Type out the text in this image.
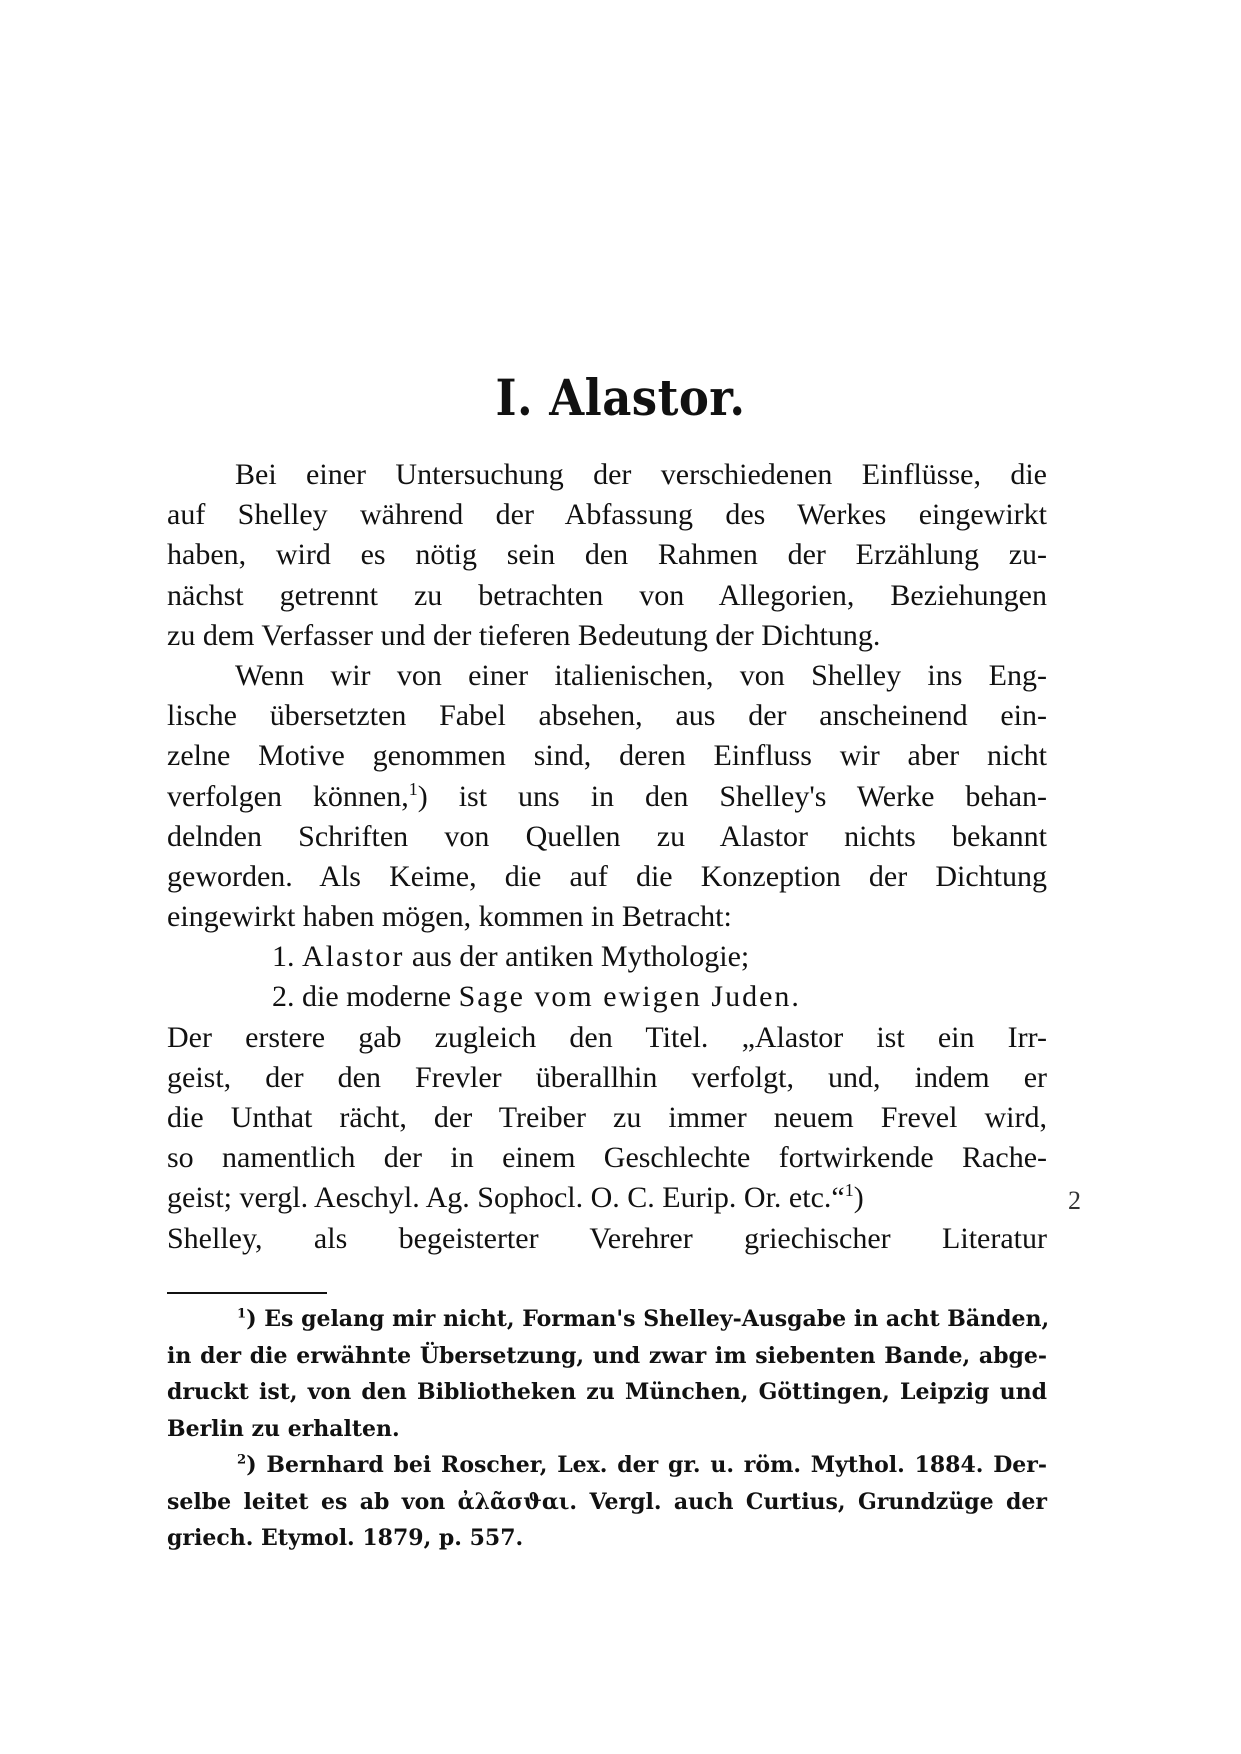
I. Alastor.
Bei einer Untersuchung der verschiedenen Einflüsse, die
auf Shelley während der Abfassung des Werkes eingewirkt
haben, wird es nötig sein den Rahmen der Erzählung zu-
nächst getrennt zu betrachten von Allegorien, Beziehungen
zu dem Verfasser und der tieferen Bedeutung der Dichtung.
Wenn wir von einer italienischen, von Shelley ins Eng-
lische übersetzten Fabel absehen, aus der anscheinend ein-
zelne Motive genommen sind, deren Einfluss wir aber nicht
verfolgen können,$^1$) ist uns in den Shelley's Werke behan-
delnden Schriften von Quellen zu Alastor nichts bekannt
geworden. Als Keime, die auf die Konzeption der Dichtung
eingewirkt haben mögen, kommen in Betracht:
1. Alastor aus der antiken Mythologie;
2. die moderne Sage vom ewigen Juden.
Der erstere gab zugleich den Titel. „Alastor ist ein Irr-
geist, der den Frevler überallhin verfolgt, und, indem er
die Unthat rächt, der Treiber zu immer neuem Frevel wird,
so namentlich der in einem Geschlechte fortwirkende Rache-
geist; vergl. Aeschyl. Ag. Sophocl. O. C. Eurip. Or. etc.“$^1$)
Shelley, als begeisterter Verehrer griechischer Literatur
2
$^1$) Es gelang mir nicht, Forman's Shelley-Ausgabe in acht Bänden,
in der die erwähnte Übersetzung, und zwar im siebenten Bande, abge-
druckt ist, von den Bibliotheken zu München, Göttingen, Leipzig und
Berlin zu erhalten.
$^2$) Bernhard bei Roscher, Lex. der gr. u. röm. Mythol. 1884. Der-
selbe leitet es ab von ἀλᾶσϑαι. Vergl. auch Curtius, Grundzüge der
griech. Etymol. 1879, p. 557.
